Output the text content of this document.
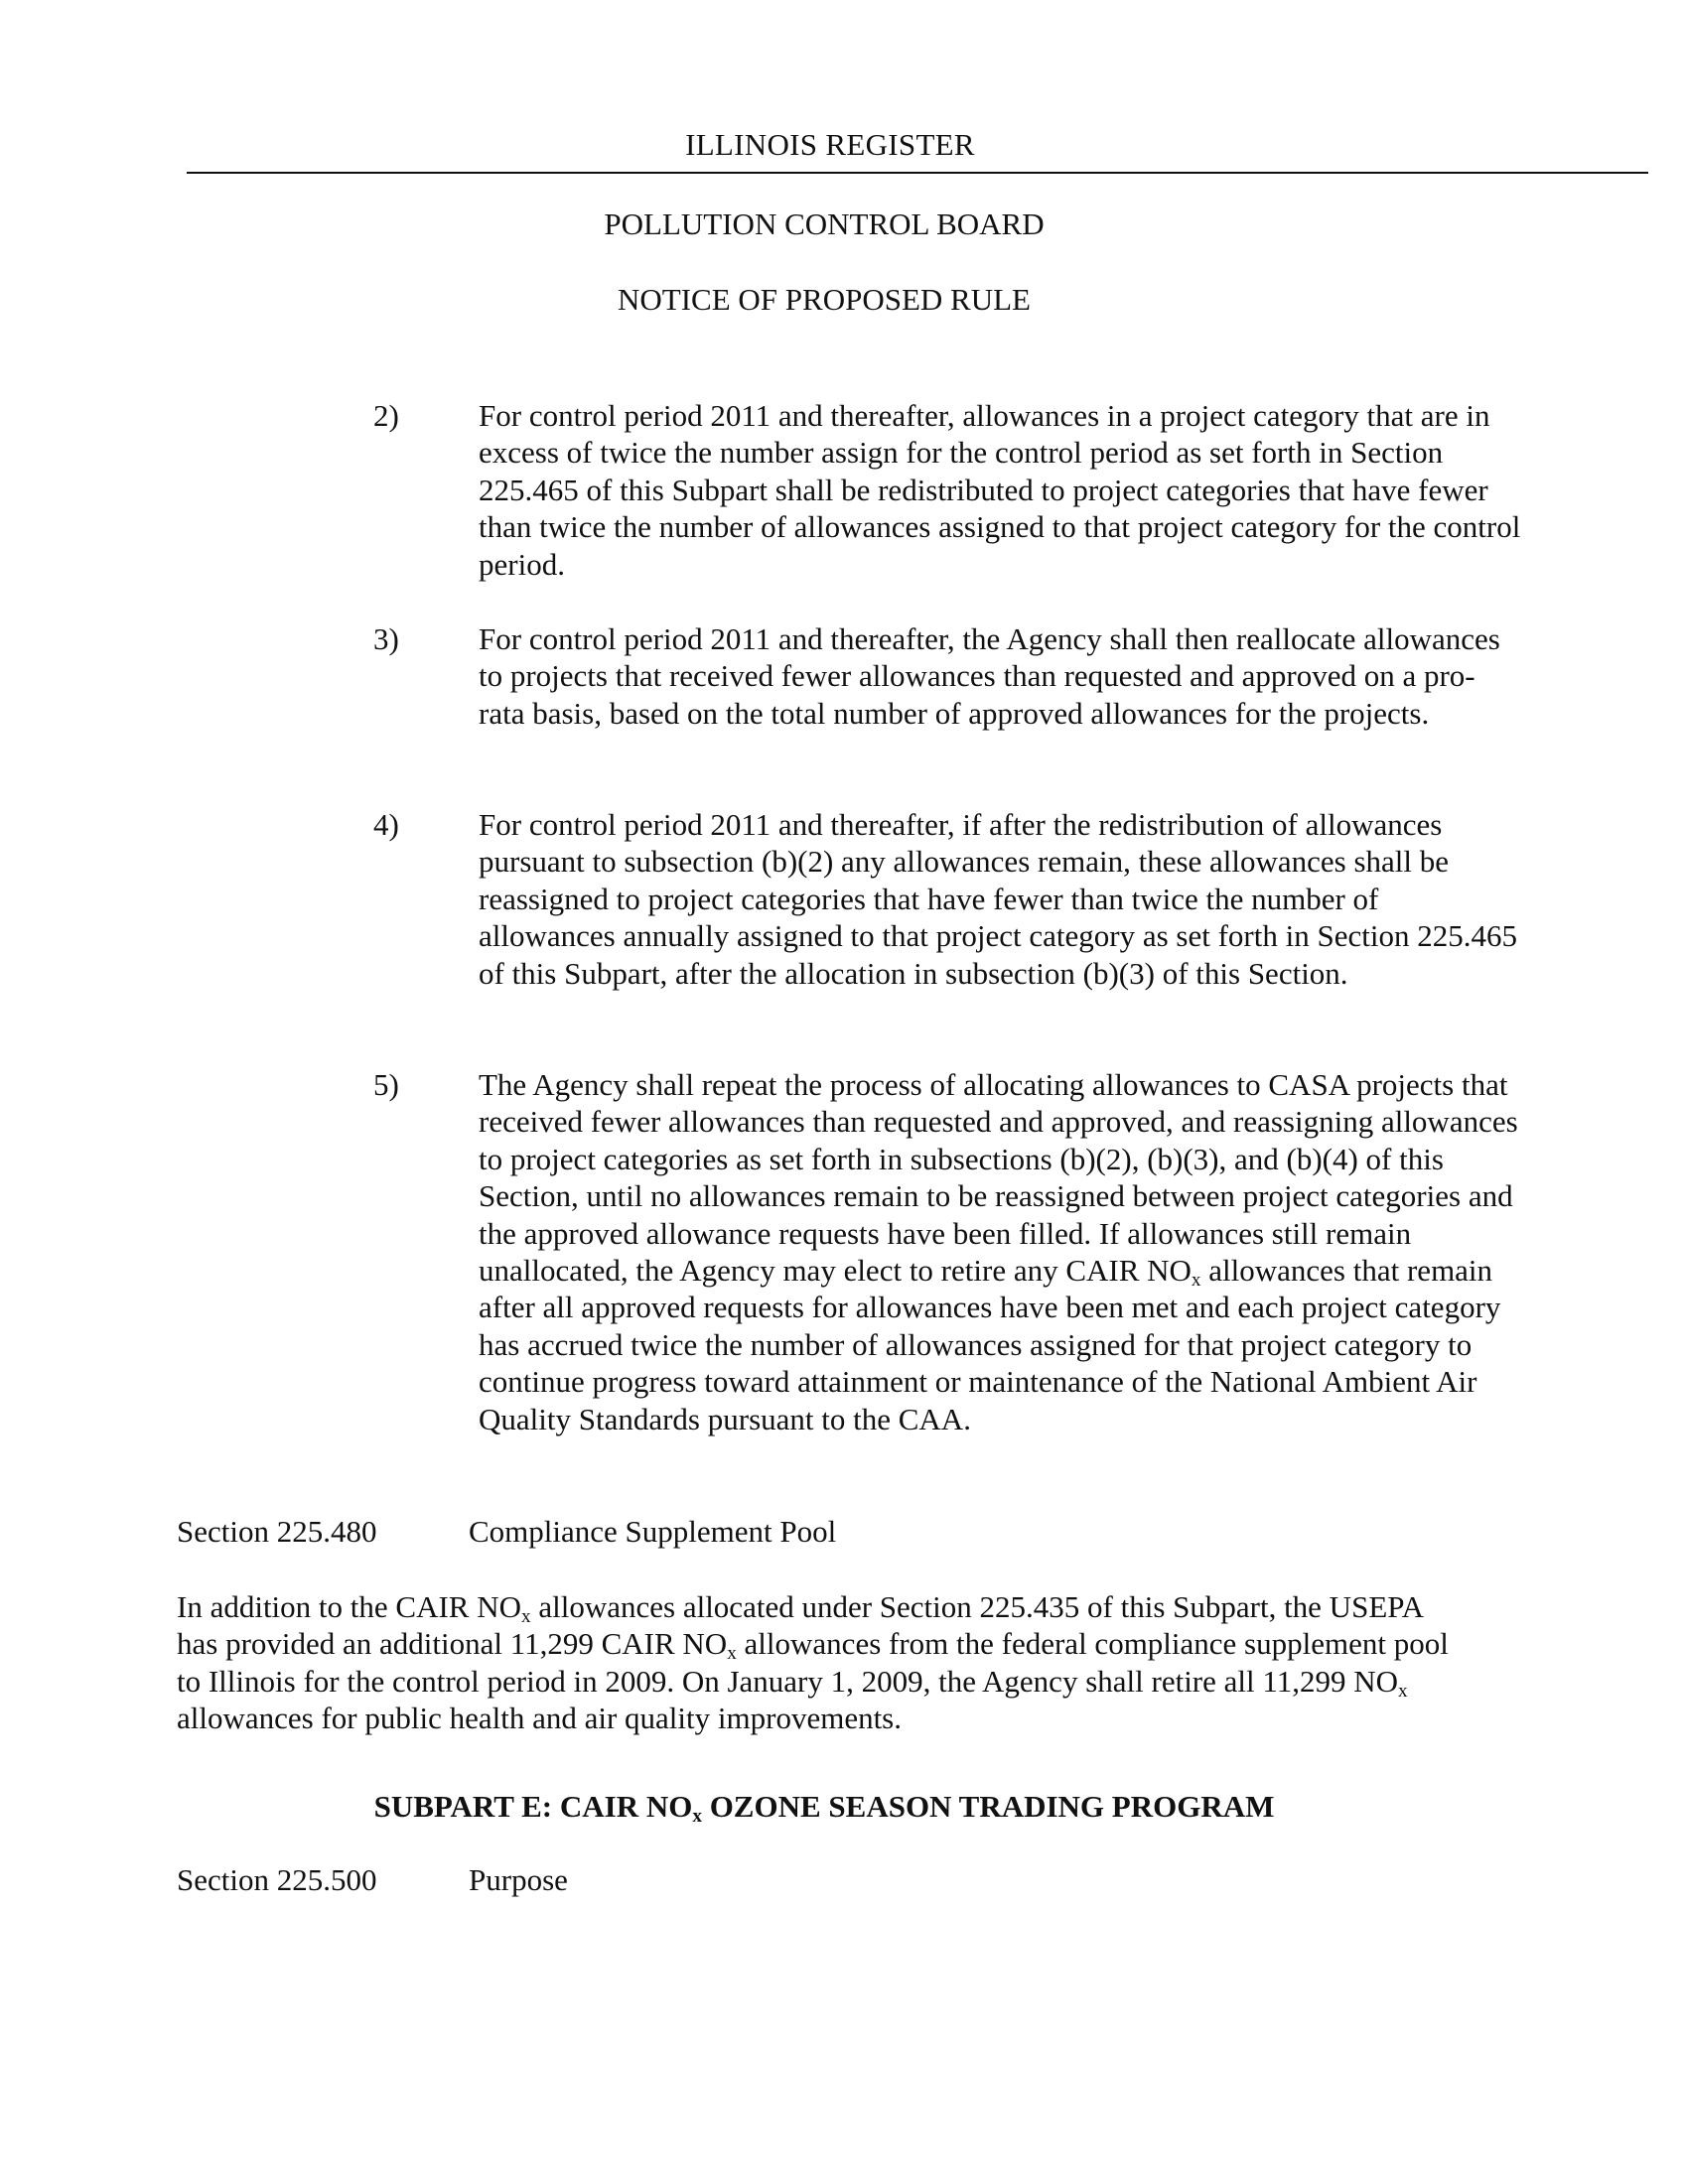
ILLINOIS REGISTER
POLLUTION CONTROL BOARD
NOTICE OF PROPOSED RULE
2)	For control period 2011 and thereafter, allowances in a project category that are in excess of twice the number assign for the control period as set forth in Section 225.465 of this Subpart shall be redistributed to project categories that have fewer than twice the number of allowances assigned to that project category for the control period.
3)	For control period 2011 and thereafter, the Agency shall then reallocate allowances to projects that received fewer allowances than requested and approved on a pro-rata basis, based on the total number of approved allowances for the projects.
4)	For control period 2011 and thereafter, if after the redistribution of allowances pursuant to subsection (b)(2) any allowances remain, these allowances shall be reassigned to project categories that have fewer than twice the number of allowances annually assigned to that project category as set forth in Section 225.465 of this Subpart, after the allocation in subsection (b)(3) of this Section.
5)	The Agency shall repeat the process of allocating allowances to CASA projects that received fewer allowances than requested and approved, and reassigning allowances to project categories as set forth in subsections (b)(2), (b)(3), and (b)(4) of this Section, until no allowances remain to be reassigned between project categories and the approved allowance requests have been filled. If allowances still remain unallocated, the Agency may elect to retire any CAIR $NO_x$ allowances that remain after all approved requests for allowances have been met and each project category has accrued twice the number of allowances assigned for that project category to continue progress toward attainment or maintenance of the National Ambient Air Quality Standards pursuant to the CAA.
Section 225.480	Compliance Supplement Pool
In addition to the CAIR $NO_x$ allowances allocated under Section 225.435 of this Subpart, the USEPA has provided an additional 11,299 CAIR $NO_x$ allowances from the federal compliance supplement pool to Illinois for the control period in 2009. On January 1, 2009, the Agency shall retire all 11,299 $NO_x$ allowances for public health and air quality improvements.
SUBPART E: CAIR $NO_x$ OZONE SEASON TRADING PROGRAM
Section 225.500	Purpose
